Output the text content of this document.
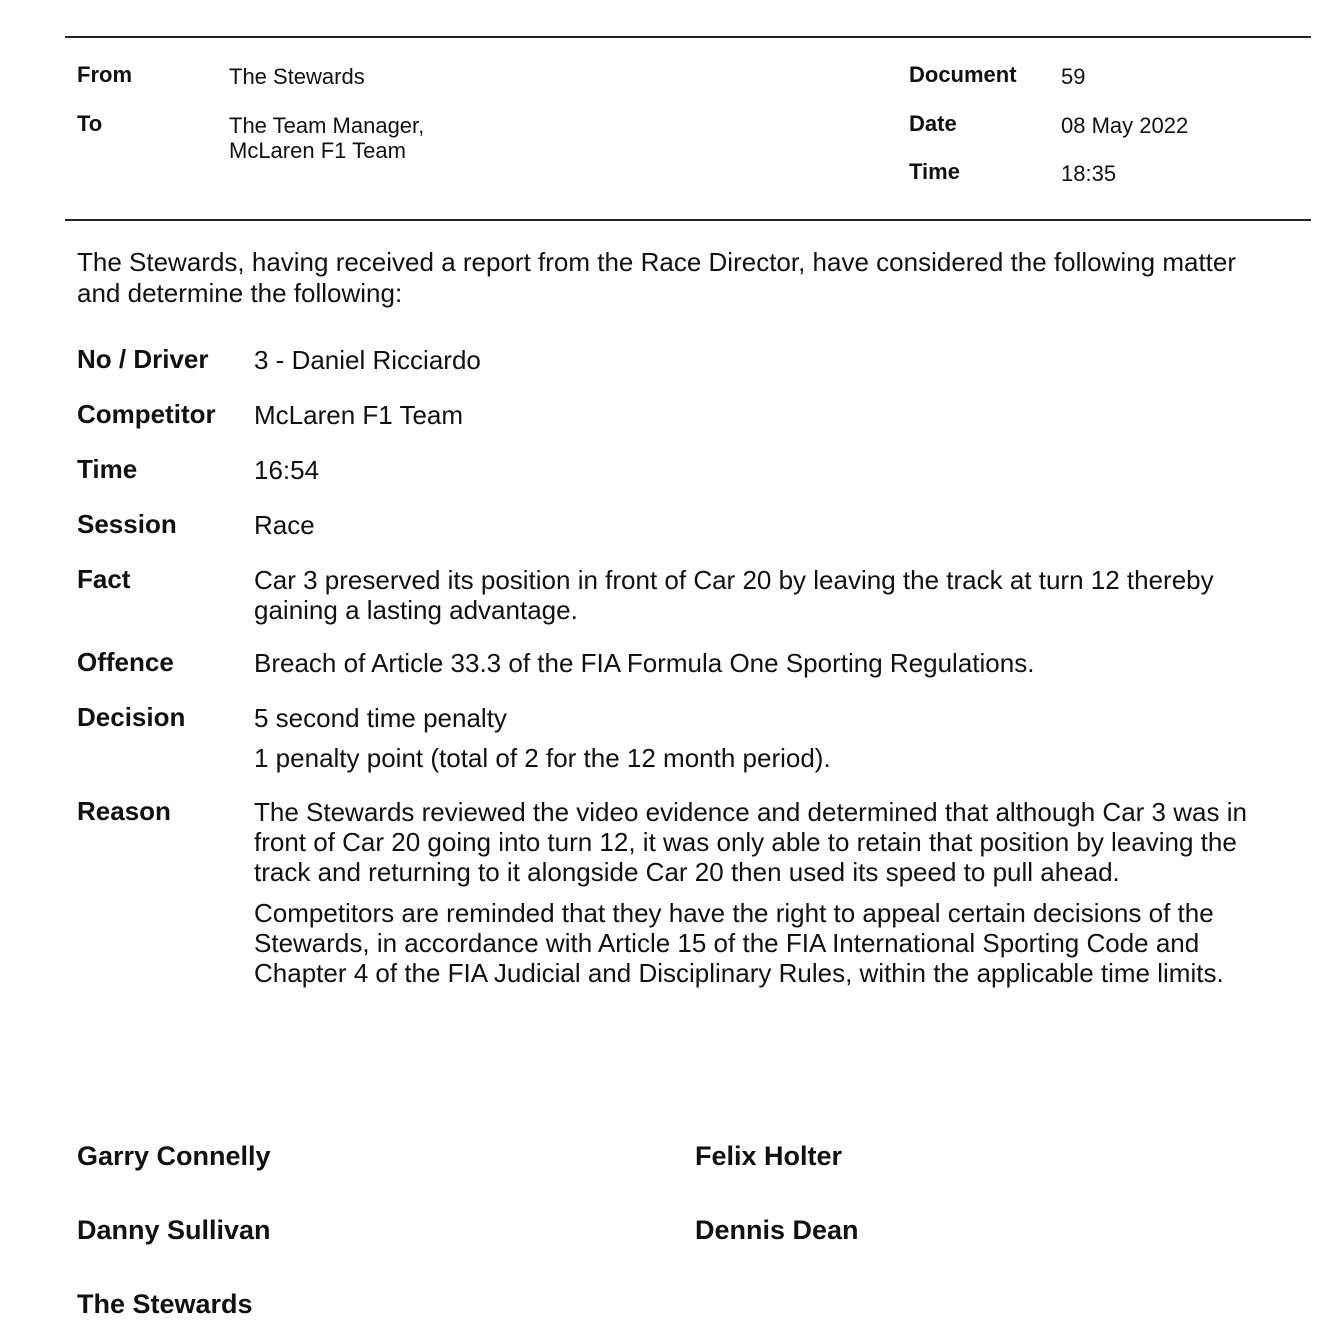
From	The Stewards
To	The Team Manager,
McLaren F1 Team
Document 59
Date	08 May 2022
Time	18:35
The Stewards, having received a report from the Race Director, have considered the following matter and determine the following:
No / Driver 3 - Daniel Ricciardo
Competitor McLaren F1 Team
Time	16:54
Session	Race
Fact	Car 3 preserved its position in front of Car 20 by leaving the track at turn 12 thereby gaining a lasting advantage.
Offence	Breach of Article 33.3 of the FIA Formula One Sporting Regulations.
Decision	5 second time penalty
1 penalty point (total of 2 for the 12 month period).
Reason	The Stewards reviewed the video evidence and determined that although Car 3 was in front of Car 20 going into turn 12, it was only able to retain that position by leaving the track and returning to it alongside Car 20 then used its speed to pull ahead.
Competitors are reminded that they have the right to appeal certain decisions of the Stewards, in accordance with Article 15 of the FIA International Sporting Code and Chapter 4 of the FIA Judicial and Disciplinary Rules, within the applicable time limits.
Garry Connelly	Felix Holter
Danny Sullivan	Dennis Dean
The Stewards
